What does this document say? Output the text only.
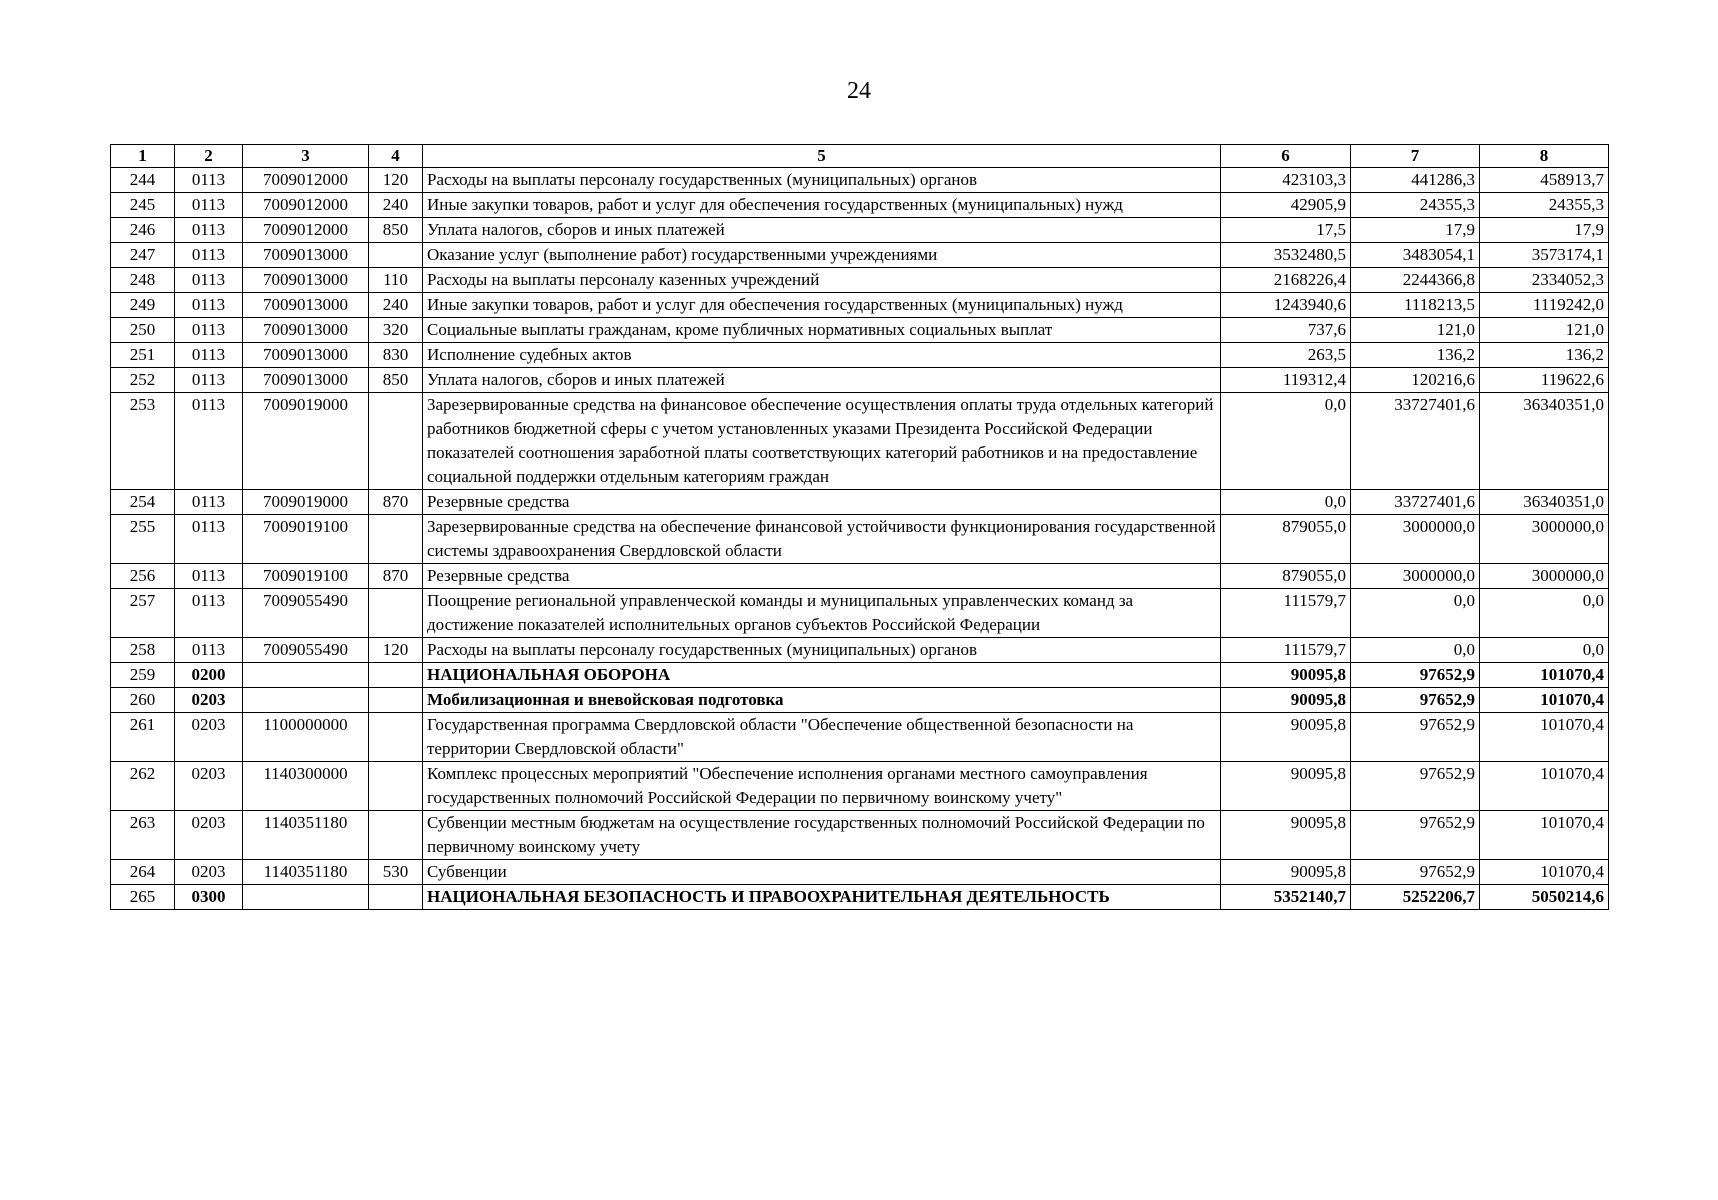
24
1	2	3	4	5	6	7	8
244	0113	7009012000	120	Расходы на выплаты персоналу государственных (муниципальных) органов	423103,3	441286,3	458913,7
245	0113	7009012000	240	Иные закупки товаров, работ и услуг для обеспечения государственных (муниципальных) нужд	42905,9	24355,3	24355,3
246	0113	7009012000	850	Уплата налогов, сборов и иных платежей	17,5	17,9	17,9
247	0113	7009013000		Оказание услуг (выполнение работ) государственными учреждениями	3532480,5	3483054,1	3573174,1
248	0113	7009013000	110	Расходы на выплаты персоналу казенных учреждений	2168226,4	2244366,8	2334052,3
249	0113	7009013000	240	Иные закупки товаров, работ и услуг для обеспечения государственных (муниципальных) нужд	1243940,6	1118213,5	1119242,0
250	0113	7009013000	320	Социальные выплаты гражданам, кроме публичных нормативных социальных выплат	737,6	121,0	121,0
251	0113	7009013000	830	Исполнение судебных актов	263,5	136,2	136,2
252	0113	7009013000	850	Уплата налогов, сборов и иных платежей	119312,4	120216,6	119622,6
253	0113	7009019000		Зарезервированные средства на финансовое обеспечение осуществления оплаты труда отдельных категорий работников бюджетной сферы с учетом установленных указами Президента Российской Федерации показателей соотношения заработной платы соответствующих категорий работников и на предоставление социальной поддержки отдельным категориям граждан	0,0	33727401,6	36340351,0
254	0113	7009019000	870	Резервные средства	0,0	33727401,6	36340351,0
255	0113	7009019100		Зарезервированные средства на обеспечение финансовой устойчивости функционирования государственной системы здравоохранения Свердловской области	879055,0	3000000,0	3000000,0
256	0113	7009019100	870	Резервные средства	879055,0	3000000,0	3000000,0
257	0113	7009055490		Поощрение региональной управленческой команды и муниципальных управленческих команд за достижение показателей исполнительных органов субъектов Российской Федерации	111579,7	0,0	0,0
258	0113	7009055490	120	Расходы на выплаты персоналу государственных (муниципальных) органов	111579,7	0,0	0,0
259	0200			НАЦИОНАЛЬНАЯ ОБОРОНА	90095,8	97652,9	101070,4
260	0203			Мобилизационная и вневойсковая подготовка	90095,8	97652,9	101070,4
261	0203	1100000000		Государственная программа Свердловской области "Обеспечение общественной безопасности на территории Свердловской области"	90095,8	97652,9	101070,4
262	0203	1140300000		Комплекс процессных мероприятий "Обеспечение исполнения органами местного самоуправления государственных полномочий Российской Федерации по первичному воинскому учету"	90095,8	97652,9	101070,4
263	0203	1140351180		Субвенции местным бюджетам на осуществление государственных полномочий Российской Федерации по первичному воинскому учету	90095,8	97652,9	101070,4
264	0203	1140351180	530	Субвенции	90095,8	97652,9	101070,4
265	0300			НАЦИОНАЛЬНАЯ БЕЗОПАСНОСТЬ И ПРАВООХРАНИТЕЛЬНАЯ ДЕЯТЕЛЬНОСТЬ	5352140,7	5252206,7	5050214,6
